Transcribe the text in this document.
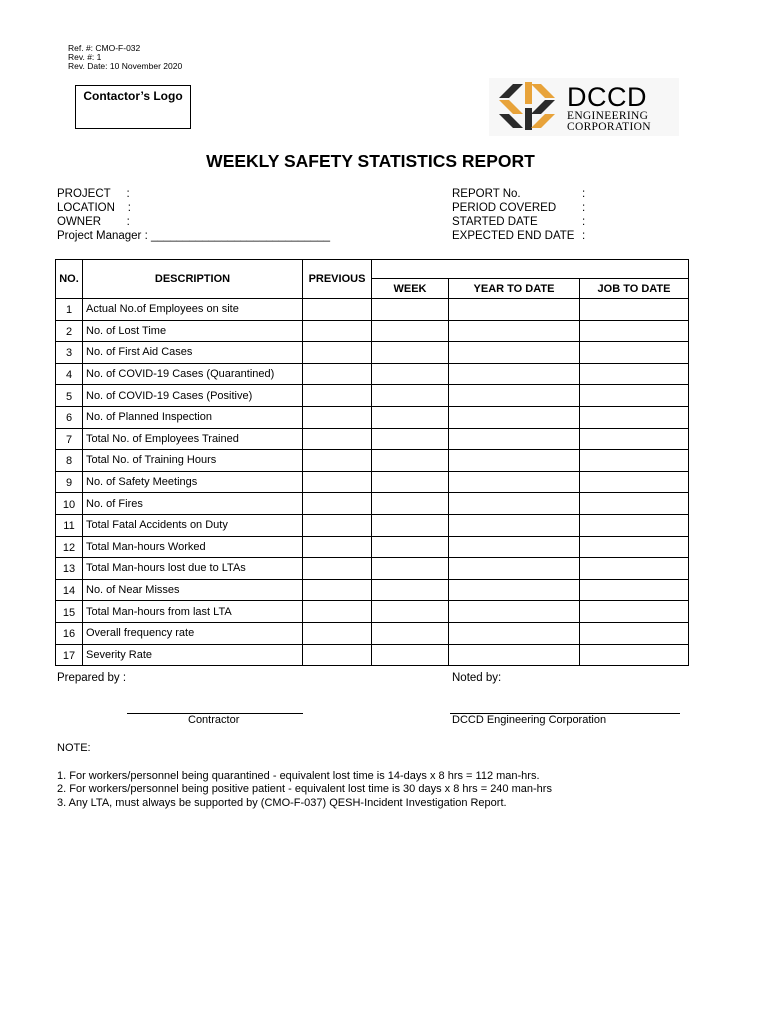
Ref. #: CMO-F-032
Rev. #: 1
Rev. Date: 10 November 2020
Contactor’s Logo	DCCD
ENGINEERING
CORPORATION
WEEKLY SAFETY STATISTICS REPORT
PROJECT     :
LOCATION    :
OWNER        :
Project Manager : ____________________________
REPORT No.	:
PERIOD COVERED :
STARTED DATE	:
EXPECTED END DATE :
NO.	DESCRIPTION	PREVIOUS			
			WEEK	YEAR TO DATE	JOB TO DATE
1	Actual No.of Employees on site				
2	No. of Lost Time				
3	No. of First Aid Cases				
4	No. of COVID-19 Cases (Quarantined)				
5	No. of COVID-19 Cases (Positive)				
6	No. of Planned Inspection				
7	Total No. of Employees Trained				
8	Total No. of Training Hours				
9	No. of Safety Meetings				
10	No. of Fires				
11	Total Fatal Accidents on Duty				
12	Total Man-hours Worked				
13	Total Man-hours lost due to LTAs				
14	No. of Near Misses				
15	Total Man-hours from last LTA				
16	Overall frequency rate				
17	Severity Rate				
Prepared by :	Noted by:
Contractor	DCCD Engineering Corporation
NOTE:
1. For workers/personnel being quarantined - equivalent lost time is 14-days x 8 hrs = 112 man-hrs.
2. For workers/personnel being positive patient - equivalent lost time is 30 days x 8 hrs = 240 man-hrs
3. Any LTA, must always be supported by (CMO-F-037) QESH-Incident Investigation Report.
